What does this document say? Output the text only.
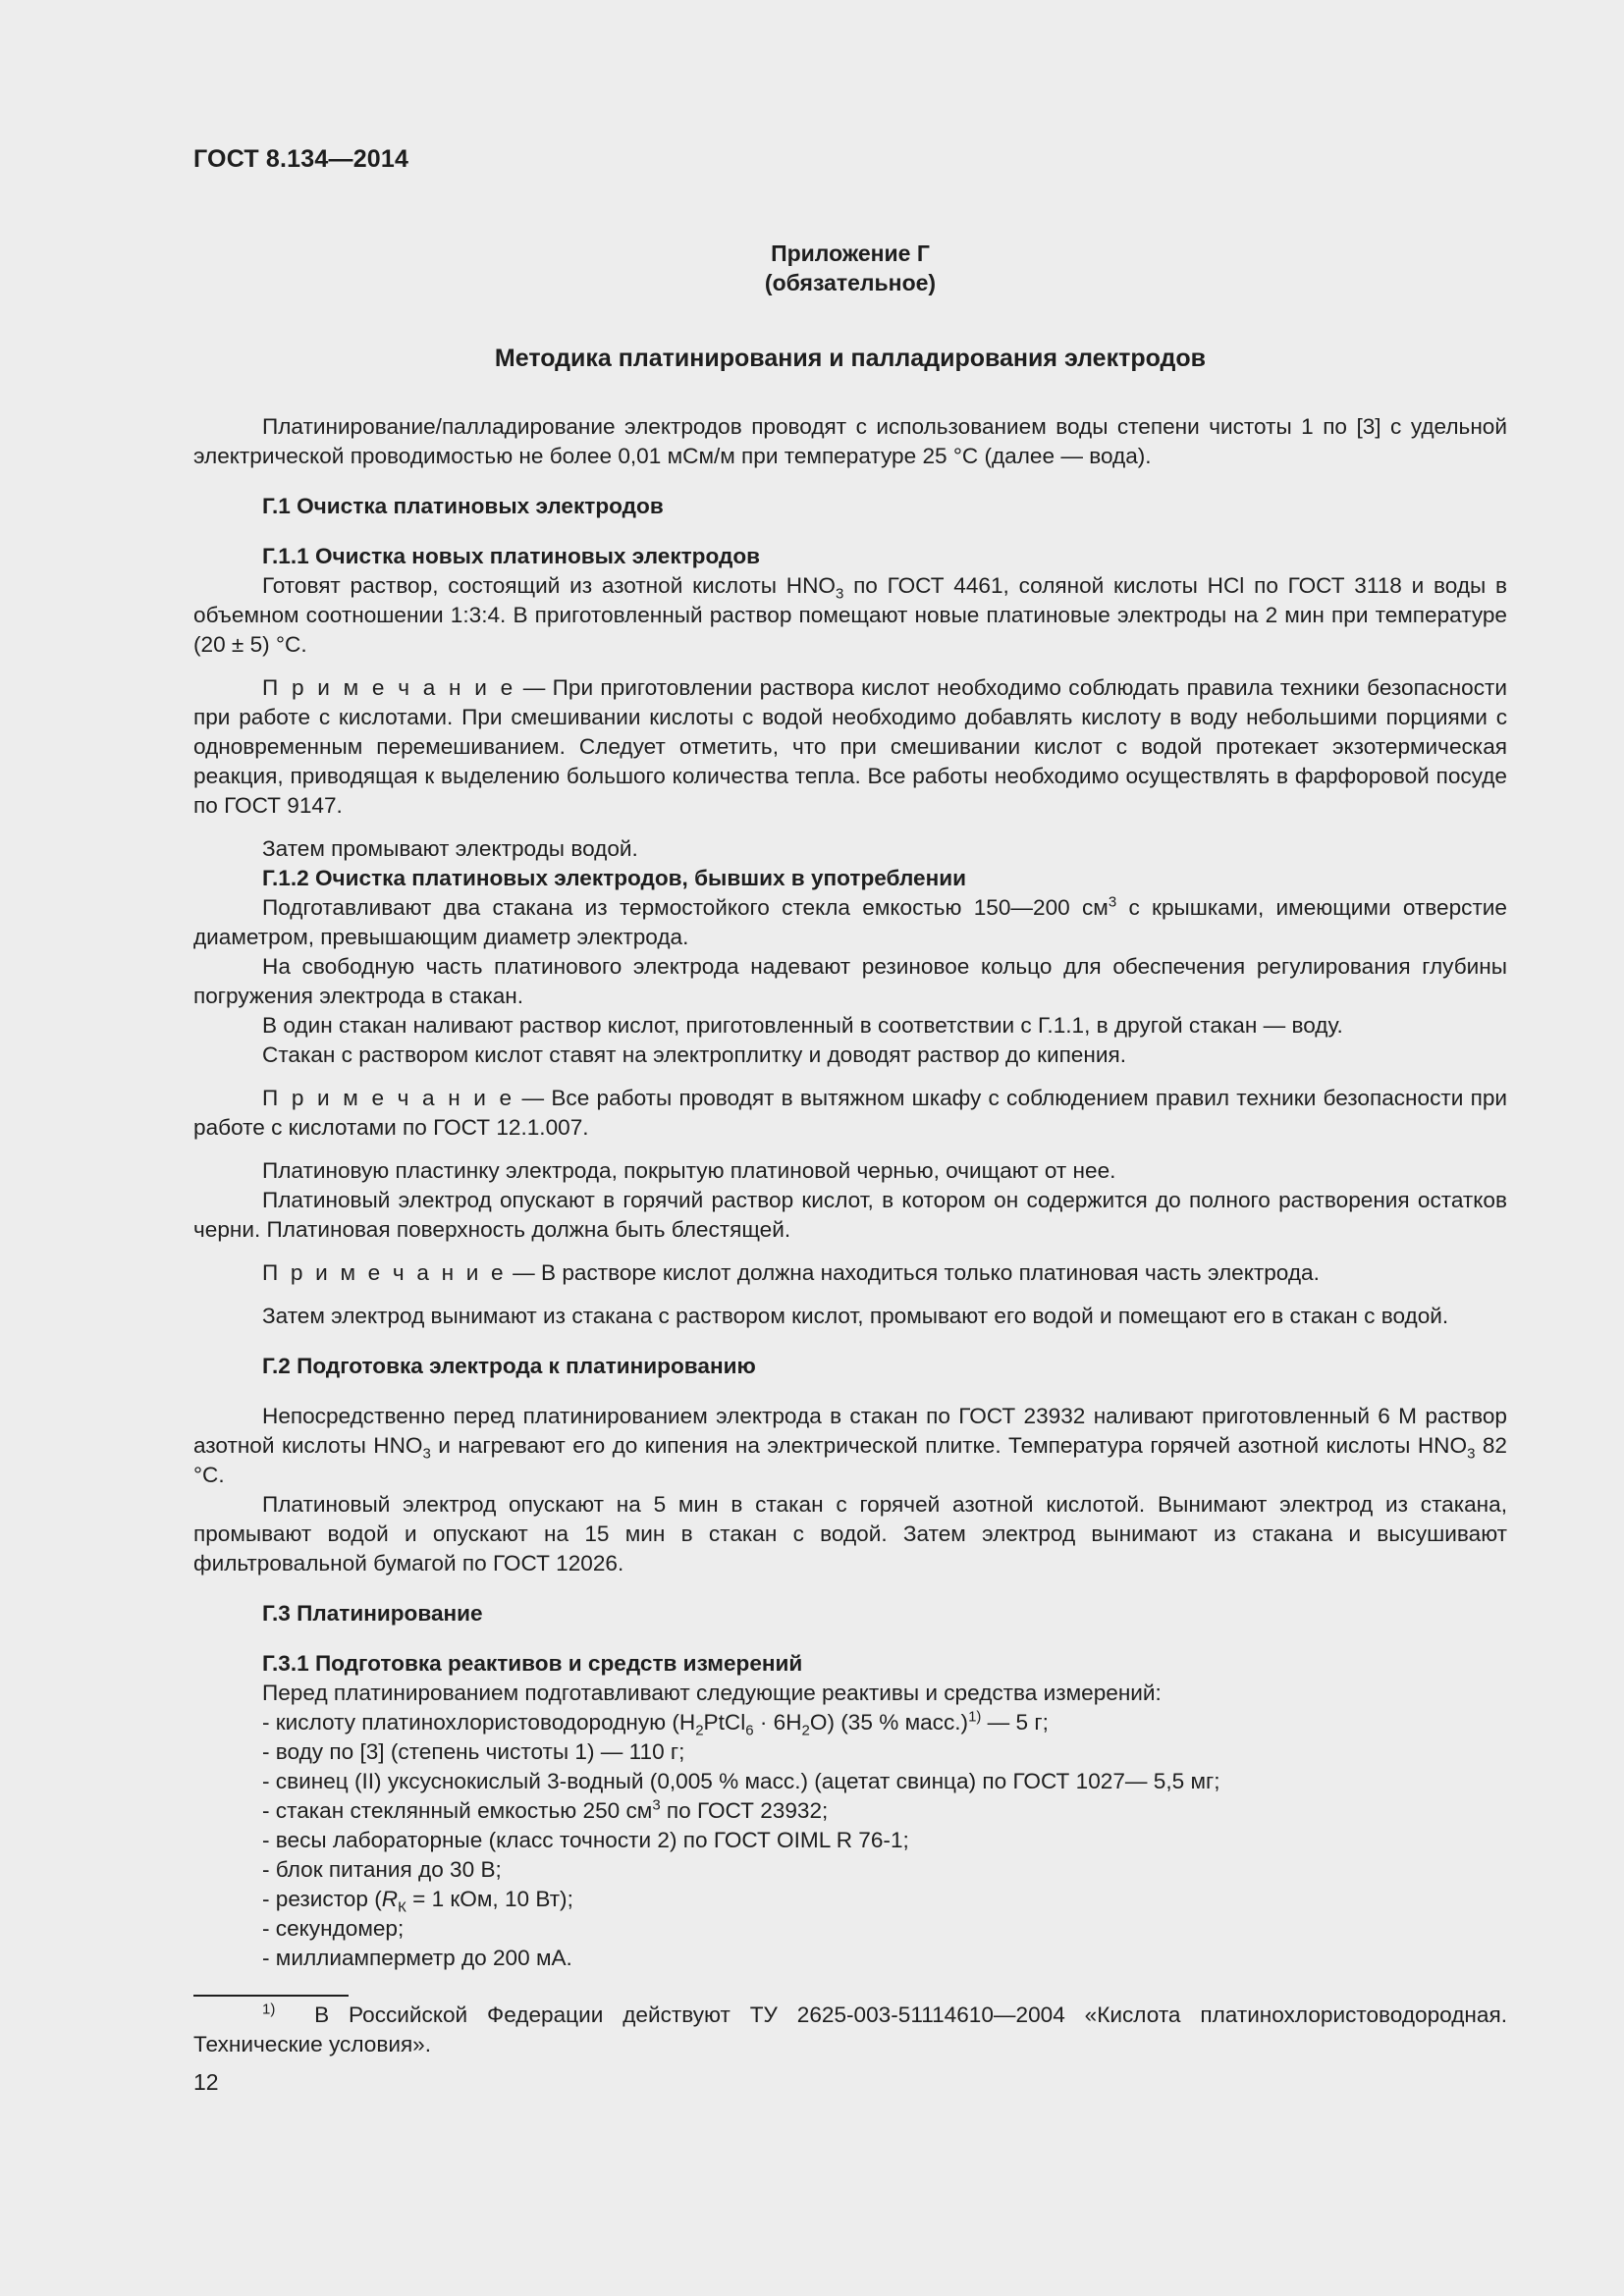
ГОСТ 8.134—2014
Приложение Г
(обязательное)
Методика платинирования и палладирования электродов

Платинирование/палладирование электродов проводят с использованием воды степени чистоты 1 по [3] с удельной электрической проводимостью не более 0,01 мСм/м при температуре 25 °С (далее — вода).

Г.1 Очистка платиновых электродов
Г.1.1 Очистка новых платиновых электродов

Готовят раствор, состоящий из азотной кислоты $HNO_3$ по ГОСТ 4461, соляной кислоты HCl по ГОСТ 3118 и воды в объемном соотношении 1:3:4. В приготовленный раствор помещают новые платиновые электроды на 2 мин при температуре (20 ± 5) °С.

П р и м е ч а н и е — При приготовлении раствора кислот необходимо соблюдать правила техники безопасности при работе с кислотами. При смешивании кислоты с водой необходимо добавлять кислоту в воду небольшими порциями с одновременным перемешиванием. Следует отметить, что при смешивании кислот с водой протекает экзотермическая реакция, приводящая к выделению большого количества тепла. Все работы необходимо осуществлять в фарфоровой посуде по ГОСТ 9147.

Затем промывают электроды водой.

Г.1.2 Очистка платиновых электродов, бывших в употреблении

Подготавливают два стакана из термостойкого стекла емкостью 150—200 $см^3$ с крышками, имеющими отверстие диаметром, превышающим диаметр электрода.

На свободную часть платинового электрода надевают резиновое кольцо для обеспечения регулирования глубины погружения электрода в стакан.

В один стакан наливают раствор кислот, приготовленный в соответствии с Г.1.1, в другой стакан — воду.

Стакан с раствором кислот ставят на электроплитку и доводят раствор до кипения.

П р и м е ч а н и е — Все работы проводят в вытяжном шкафу с соблюдением правил техники безопасности при работе с кислотами по ГОСТ 12.1.007.

Платиновую пластинку электрода, покрытую платиновой чернью, очищают от нее.

Платиновый электрод опускают в горячий раствор кислот, в котором он содержится до полного растворения остатков черни. Платиновая поверхность должна быть блестящей.

П р и м е ч а н и е — В растворе кислот должна находиться только платиновая часть электрода.

Затем электрод вынимают из стакана с раствором кислот, промывают его водой и помещают его в стакан с водой.

Г.2 Подготовка электрода к платинированию

Непосредственно перед платинированием электрода в стакан по ГОСТ 23932 наливают приготовленный 6 М раствор азотной кислоты $HNO_3$ и нагревают его до кипения на электрической плитке. Температура горячей азотной кислоты $HNO_3$ 82 °С.

Платиновый электрод опускают на 5 мин в стакан с горячей азотной кислотой. Вынимают электрод из стакана, промывают водой и опускают на 15 мин в стакан с водой. Затем электрод вынимают из стакана и высушивают фильтровальной бумагой по ГОСТ 12026.

Г.3 Платинирование
Г.3.1 Подготовка реактивов и средств измерений
Перед платинированием подготавливают следующие реактивы и средства измерений:
- кислоту платинохлористоводородную $(H_2PtCl_6 \cdot 6H_2O)$ (35 % масс.)$^{1)}$ — 5 г;
- воду по [3] (степень чистоты 1) — 110 г;
- свинец (II) уксуснокислый 3-водный (0,005 % масс.) (ацетат свинца) по ГОСТ 1027— 5,5 мг;
- стакан стеклянный емкостью 250 $см^3$ по ГОСТ 23932;
- весы лабораторные (класс точности 2) по ГОСТ OIML R 76-1;
- блок питания до 30 В;
- резистор ($R_К = 1$ кОм, 10 Вт);
- секундомер;
- миллиамперметр до 200 мА.
$^{1)}$ В Российской Федерации действуют ТУ 2625-003-51114610—2004 «Кислота платинохлористоводородная. Технические условия».
12
